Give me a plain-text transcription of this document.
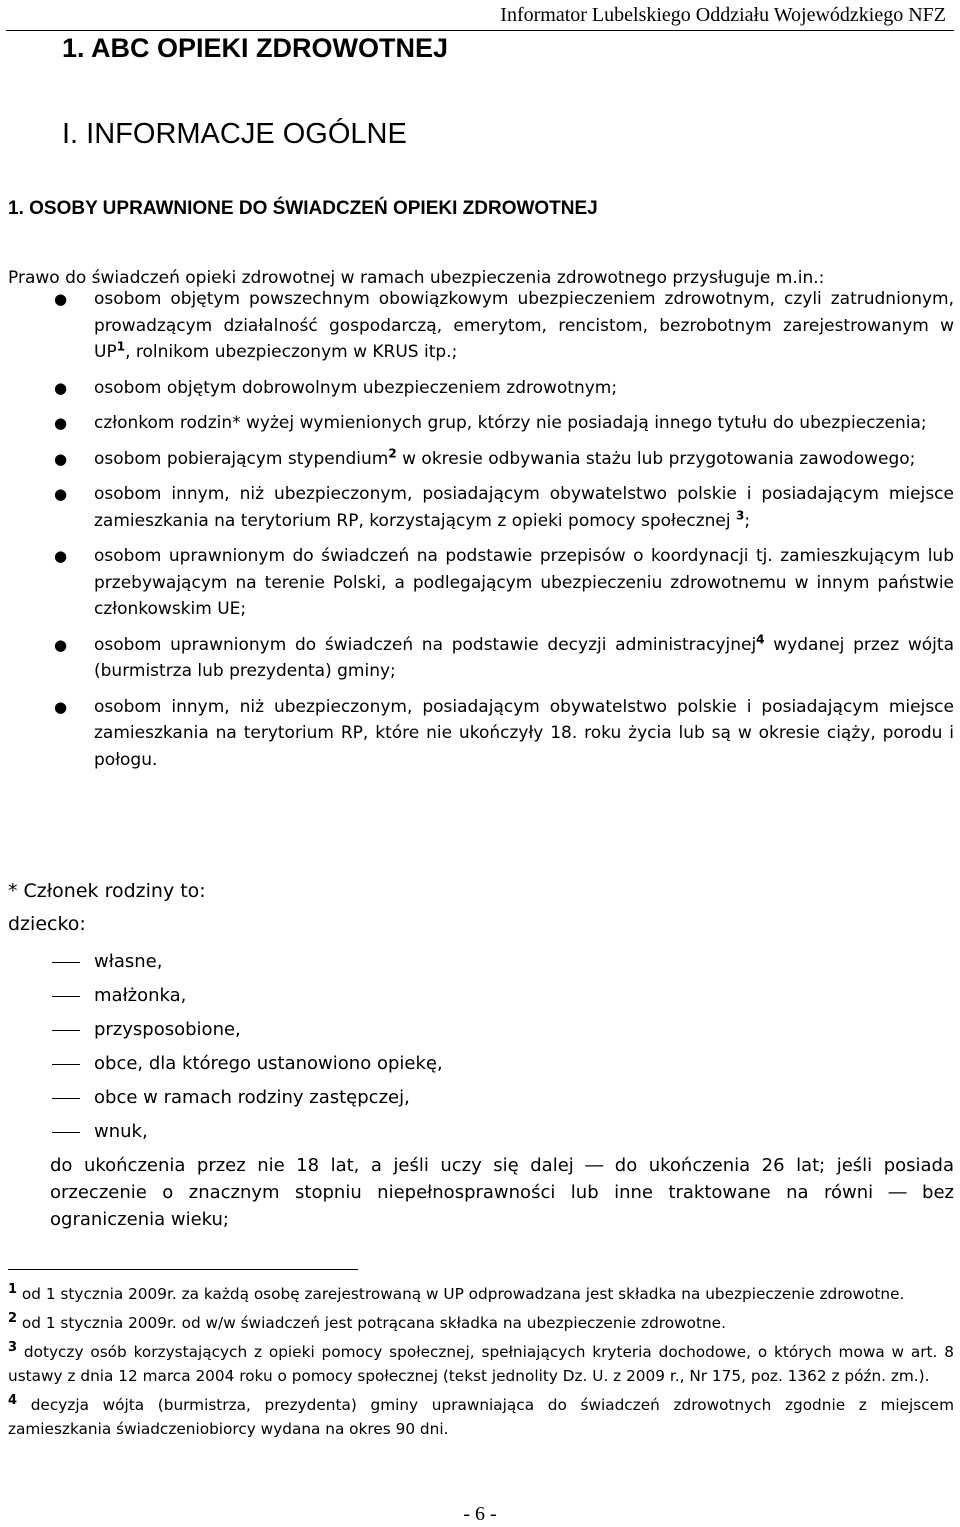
Informator Lubelskiego Oddziału Wojewódzkiego NFZ
1. ABC OPIEKI ZDROWOTNEJ
I. INFORMACJE OGÓLNE
1. OSOBY UPRAWNIONE DO ŚWIADCZEŃ OPIEKI ZDROWOTNEJ
Prawo do świadczeń opieki zdrowotnej w ramach ubezpieczenia zdrowotnego przysługuje m.in.:
● osobom objętym powszechnym obowiązkowym ubezpieczeniem zdrowotnym, czyli zatrudnionym, prowadzącym działalność gospodarczą, emerytom, rencistom, bezrobotnym zarejestrowanym w $UP^1$, rolnikom ubezpieczonym w KRUS itp.;
● osobom objętym dobrowolnym ubezpieczeniem zdrowotnym;
● członkom rodzin* wyżej wymienionych grup, którzy nie posiadają innego tytułu do ubezpieczenia;
● osobom pobierającym stypendium$^2$ w okresie odbywania stażu lub przygotowania zawodowego;
● osobom innym, niż ubezpieczonym, posiadającym obywatelstwo polskie i posiadającym miejsce zamieszkania na terytorium RP, korzystającym z opieki pomocy społecznej $^3$;
● osobom uprawnionym do świadczeń na podstawie przepisów o koordynacji tj. zamieszkującym lub przebywającym na terenie Polski, a podlegającym ubezpieczeniu zdrowotnemu w innym państwie członkowskim UE;
● osobom uprawnionym do świadczeń na podstawie decyzji administracyjnej$^4$ wydanej przez wójta (burmistrza lub prezydenta) gminy;
● osobom innym, niż ubezpieczonym, posiadającym obywatelstwo polskie i posiadającym miejsce zamieszkania na terytorium RP, które nie ukończyły 18. roku życia lub są w okresie ciąży, porodu i połogu.
* Członek rodziny to:
dziecko:
własne,
małżonka,
przysposobione,
obce, dla którego ustanowiono opiekę,
obce w ramach rodziny zastępczej,
wnuk,
do ukończenia przez nie 18 lat, a jeśli uczy się dalej ― do ukończenia 26 lat; jeśli posiada orzeczenie o znacznym stopniu niepełnosprawności lub inne traktowane na równi ― bez ograniczenia wieku;

$^1$ od 1 stycznia 2009r. za każdą osobę zarejestrowaną w UP odprowadzana jest składka na ubezpieczenie zdrowotne.

$^2$ od 1 stycznia 2009r. od w/w świadczeń jest potrącana składka na ubezpieczenie zdrowotne.

$^3$ dotyczy osób korzystających z opieki pomocy społecznej, spełniających kryteria dochodowe, o których mowa w art. 8 ustawy z dnia 12 marca 2004 roku o pomocy społecznej (tekst jednolity Dz. U. z 2009 r., Nr 175, poz. 1362 z późn. zm.).

$^4$ decyzja wójta (burmistrza, prezydenta) gminy uprawniająca do świadczeń zdrowotnych zgodnie z miejscem zamieszkania świadczeniobiorcy wydana na okres 90 dni.

- 6 -
